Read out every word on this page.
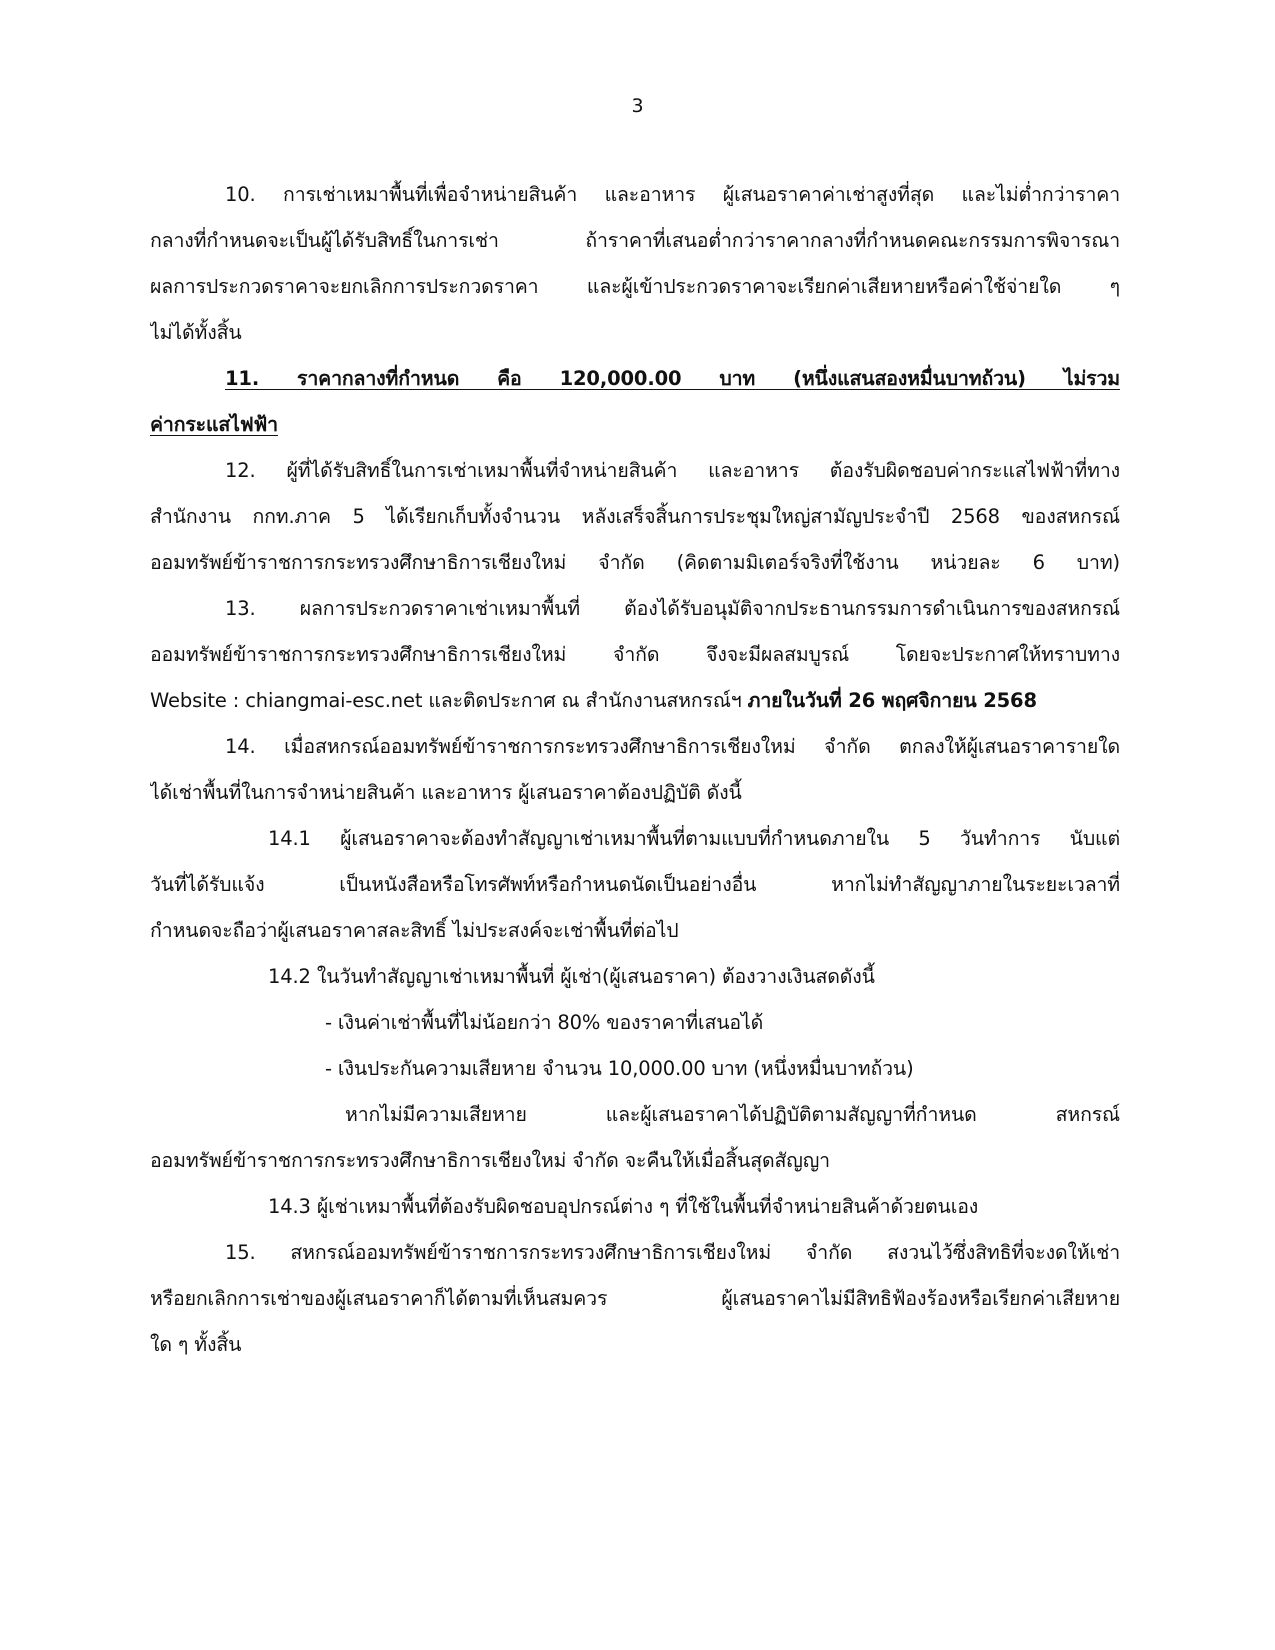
3
10. การเช่าเหมาพื้นที่เพื่อจำหน่ายสินค้า และอาหาร ผู้เสนอราคาค่าเช่าสูงที่สุด และไม่ต่ำกว่าราคา
กลางที่กำหนดจะเป็นผู้ได้รับสิทธิ์ในการเช่า ถ้าราคาที่เสนอต่ำกว่าราคากลางที่กำหนดคณะกรรมการพิจารณา
ผลการประกวดราคาจะยกเลิกการประกวดราคา และผู้เข้าประกวดราคาจะเรียกค่าเสียหายหรือค่าใช้จ่ายใด ๆ
ไม่ได้ทั้งสิ้น
11. ราคากลางที่กำหนด คือ 120,000.00 บาท (หนึ่งแสนสองหมื่นบาทถ้วน) ไม่รวม
ค่ากระแสไฟฟ้า
12. ผู้ที่ได้รับสิทธิ์ในการเช่าเหมาพื้นที่จำหน่ายสินค้า และอาหาร ต้องรับผิดชอบค่ากระแสไฟฟ้าที่ทาง
สำนักงาน กกท.ภาค 5 ได้เรียกเก็บทั้งจำนวน หลังเสร็จสิ้นการประชุมใหญ่สามัญประจำปี 2568 ของสหกรณ์
ออมทรัพย์ข้าราชการกระทรวงศึกษาธิการเชียงใหม่ จำกัด (คิดตามมิเตอร์จริงที่ใช้งาน หน่วยละ 6 บาท)
13. ผลการประกวดราคาเช่าเหมาพื้นที่ ต้องได้รับอนุมัติจากประธานกรรมการดำเนินการของสหกรณ์
ออมทรัพย์ข้าราชการกระทรวงศึกษาธิการเชียงใหม่ จำกัด จึงจะมีผลสมบูรณ์ โดยจะประกาศให้ทราบทาง
Website : chiangmai-esc.net และติดประกาศ ณ สำนักงานสหกรณ์ฯ ภายในวันที่ 26 พฤศจิกายน 2568
14. เมื่อสหกรณ์ออมทรัพย์ข้าราชการกระทรวงศึกษาธิการเชียงใหม่ จำกัด ตกลงให้ผู้เสนอราคารายใด
ได้เช่าพื้นที่ในการจำหน่ายสินค้า และอาหาร ผู้เสนอราคาต้องปฏิบัติ ดังนี้
14.1 ผู้เสนอราคาจะต้องทำสัญญาเช่าเหมาพื้นที่ตามแบบที่กำหนดภายใน 5 วันทำการ นับแต่
วันที่ได้รับแจ้ง เป็นหนังสือหรือโทรศัพท์หรือกำหนดนัดเป็นอย่างอื่น หากไม่ทำสัญญาภายในระยะเวลาที่
กำหนดจะถือว่าผู้เสนอราคาสละสิทธิ์ ไม่ประสงค์จะเช่าพื้นที่ต่อไป
14.2 ในวันทำสัญญาเช่าเหมาพื้นที่ ผู้เช่า(ผู้เสนอราคา) ต้องวางเงินสดดังนี้
- เงินค่าเช่าพื้นที่ไม่น้อยกว่า 80% ของราคาที่เสนอได้
- เงินประกันความเสียหาย จำนวน 10,000.00 บาท (หนึ่งหมื่นบาทถ้วน)
หากไม่มีความเสียหาย และผู้เสนอราคาได้ปฏิบัติตามสัญญาที่กำหนด สหกรณ์
ออมทรัพย์ข้าราชการกระทรวงศึกษาธิการเชียงใหม่ จำกัด จะคืนให้เมื่อสิ้นสุดสัญญา
14.3 ผู้เช่าเหมาพื้นที่ต้องรับผิดชอบอุปกรณ์ต่าง ๆ ที่ใช้ในพื้นที่จำหน่ายสินค้าด้วยตนเอง
15. สหกรณ์ออมทรัพย์ข้าราชการกระทรวงศึกษาธิการเชียงใหม่ จำกัด สงวนไว้ซึ่งสิทธิที่จะงดให้เช่า
หรือยกเลิกการเช่าของผู้เสนอราคาก็ได้ตามที่เห็นสมควร ผู้เสนอราคาไม่มีสิทธิฟ้องร้องหรือเรียกค่าเสียหาย
ใด ๆ ทั้งสิ้น
